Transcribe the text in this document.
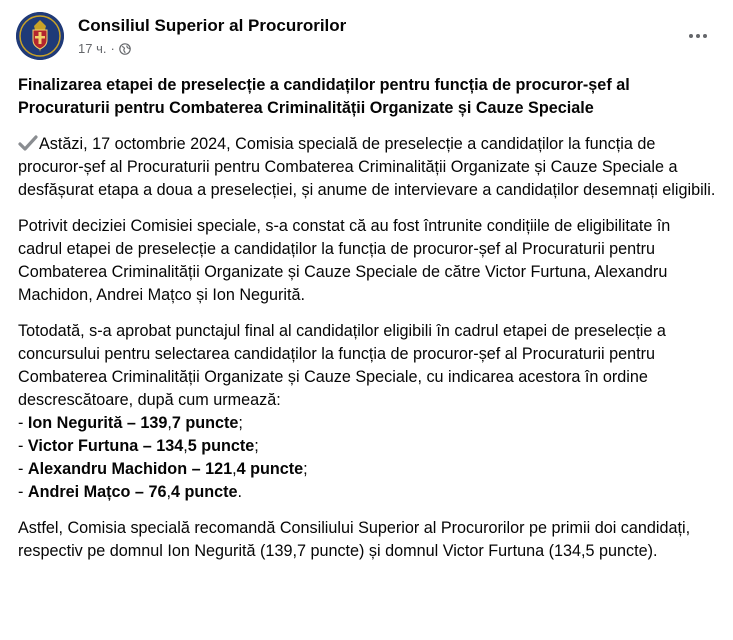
Consiliul Superior al Procurorilor
17 ч. ·
Finalizarea etapei de preselecție a candidaților pentru funcția de procuror-șef al Procuraturii pentru Combaterea Criminalității Organizate și Cauze Speciale

Astăzi, 17 octombrie 2024, Comisia specială de preselecție a candidaților la funcția de procuror-șef al Procuraturii pentru Combaterea Criminalității Organizate și Cauze Speciale a desfășurat etapa a doua a preselecției, și anume de intervievare a candidaților desemnați eligibili.

Potrivit deciziei Comisiei speciale, s-a constat că au fost întrunite condițiile de eligibilitate în cadrul etapei de preselecție a candidaților la funcția de procuror-șef al Procuraturii pentru Combaterea Criminalității Organizate și Cauze Speciale de către Victor Furtuna, Alexandru Machidon, Andrei Mațco și Ion Negurită.

Totodată, s-a aprobat punctajul final al candidaților eligibili în cadrul etapei de preselecție a concursului pentru selectarea candidaților la funcția de procuror-șef al Procuraturii pentru Combaterea Criminalității Organizate și Cauze Speciale, cu indicarea acestora în ordine descrescătoare, după cum urmează:

- Ion Negurită – 139,7 puncte;
- Victor Furtuna – 134,5 puncte;
- Alexandru Machidon – 121,4 puncte;
- Andrei Mațco – 76,4 puncte.

Astfel, Comisia specială recomandă Consiliului Superior al Procurorilor pe primii doi candidați, respectiv pe domnul Ion Negurită (139,7 puncte) și domnul Victor Furtuna (134,5 puncte).
